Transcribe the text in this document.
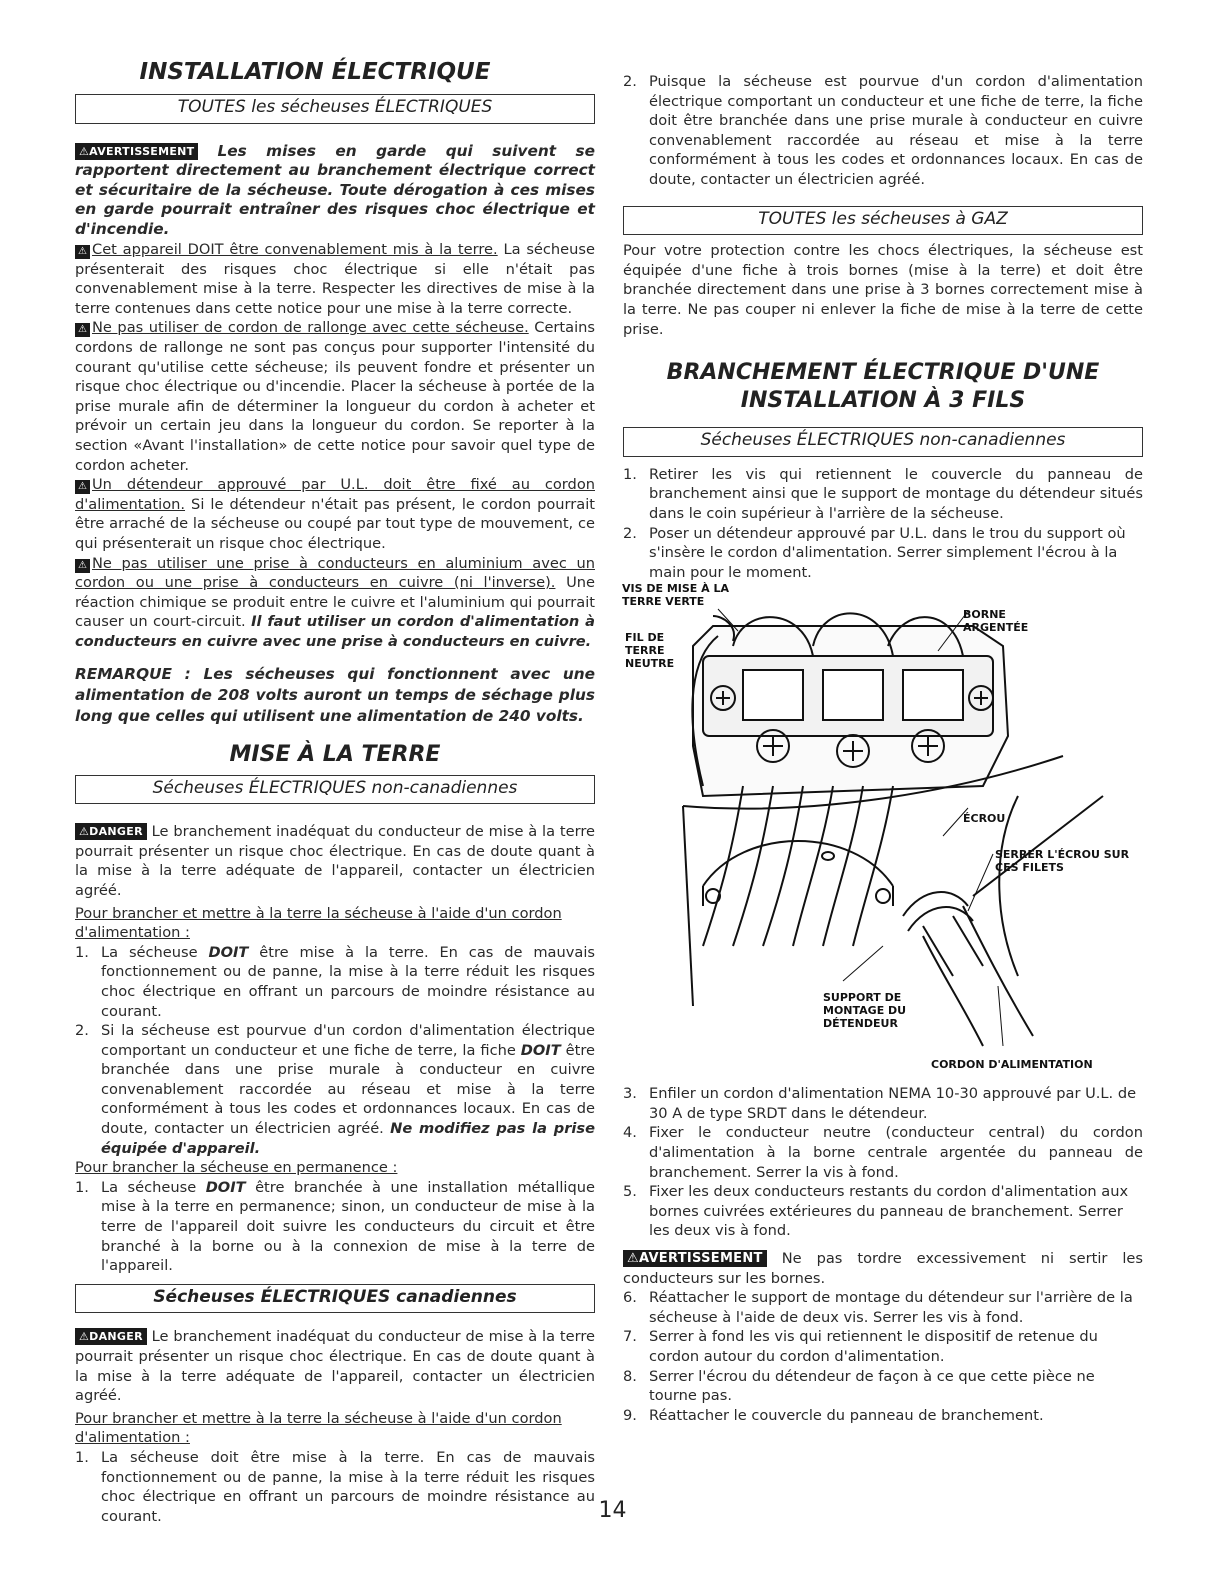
INSTALLATION ÉLECTRIQUE

TOUTES les sécheuses ÉLECTRIQUES

⚠AVERTISSEMENT Les mises en garde qui suivent se rapportent directement au branchement électrique correct et sécuritaire de la sécheuse. Toute dérogation à ces mises en garde pourrait entraîner des risques choc électrique et d'incendie.

⚠ Cet appareil DOIT être convenablement mis à la terre. La sécheuse présenterait des risques choc électrique si elle n'était pas convenablement mise à la terre. Respecter les directives de mise à la terre contenues dans cette notice pour une mise à la terre correcte.

⚠ Ne pas utiliser de cordon de rallonge avec cette sécheuse. Certains cordons de rallonge ne sont pas conçus pour supporter l'intensité du courant qu'utilise cette sécheuse; ils peuvent fondre et présenter un risque choc électrique ou d'incendie. Placer la sécheuse à portée de la prise murale afin de déterminer la longueur du cordon à acheter et prévoir un certain jeu dans la longueur du cordon. Se reporter à la section «Avant l'installation» de cette notice pour savoir quel type de cordon acheter.

⚠ Un détendeur approuvé par U.L. doit être fixé au cordon d'alimentation. Si le détendeur n'était pas présent, le cordon pourrait être arraché de la sécheuse ou coupé par tout type de mouvement, ce qui présenterait un risque choc électrique.

⚠ Ne pas utiliser une prise à conducteurs en aluminium avec un cordon ou une prise à conducteurs en cuivre (ni l'inverse). Une réaction chimique se produit entre le cuivre et l'aluminium qui pourrait causer un court-circuit. Il faut utiliser un cordon d'alimentation à conducteurs en cuivre avec une prise à conducteurs en cuivre.

REMARQUE : Les sécheuses qui fonctionnent avec une alimentation de 208 volts auront un temps de séchage plus long que celles qui utilisent une alimentation de 240 volts.

MISE À LA TERRE

Sécheuses ÉLECTRIQUES non-canadiennes

⚠DANGER Le branchement inadéquat du conducteur de mise à la terre pourrait présenter un risque choc électrique. En cas de doute quant à la mise à la terre adéquate de l'appareil, contacter un électricien agréé.

Pour brancher et mettre à la terre la sécheuse à l'aide d'un cordon d'alimentation :

1. La sécheuse DOIT être mise à la terre. En cas de mauvais fonctionnement ou de panne, la mise à la terre réduit les risques choc électrique en offrant un parcours de moindre résistance au courant.
2. Si la sécheuse est pourvue d'un cordon d'alimentation électrique comportant un conducteur et une fiche de terre, la fiche DOIT être branchée dans une prise murale à conducteur en cuivre convenablement raccordée au réseau et mise à la terre conformément à tous les codes et ordonnances locaux. En cas de doute, contacter un électricien agréé. Ne modifiez pas la prise équipée d'appareil.

Pour brancher la sécheuse en permanence :

1. La sécheuse DOIT être branchée à une installation métallique mise à la terre en permanence; sinon, un conducteur de mise à la terre de l'appareil doit suivre les conducteurs du circuit et être branché à la borne ou à la connexion de mise à la terre de l'appareil.

Sécheuses ÉLECTRIQUES canadiennes

⚠DANGER Le branchement inadéquat du conducteur de mise à la terre pourrait présenter un risque choc électrique. En cas de doute quant à la mise à la terre adéquate de l'appareil, contacter un électricien agréé.

Pour brancher et mettre à la terre la sécheuse à l'aide d'un cordon d'alimentation :

1. La sécheuse doit être mise à la terre. En cas de mauvais fonctionnement ou de panne, la mise à la terre réduit les risques choc électrique en offrant un parcours de moindre résistance au courant.
2. Puisque la sécheuse est pourvue d'un cordon d'alimentation électrique comportant un conducteur et une fiche de terre, la fiche doit être branchée dans une prise murale à conducteur en cuivre convenablement raccordée au réseau et mise à la terre conformément à tous les codes et ordonnances locaux. En cas de doute, contacter un électricien agréé.

TOUTES les sécheuses à GAZ

Pour votre protection contre les chocs électriques, la sécheuse est équipée d'une fiche à trois bornes (mise à la terre) et doit être branchée directement dans une prise à 3 bornes correctement mise à la terre. Ne pas couper ni enlever la fiche de mise à la terre de cette prise.

BRANCHEMENT ÉLECTRIQUE D'UNE

INSTALLATION À 3 FILS

Sécheuses ÉLECTRIQUES non-canadiennes

1. Retirer les vis qui retiennent le couvercle du panneau de branchement ainsi que le support de montage du détendeur situés dans le coin supérieur à l'arrière de la sécheuse.
2. Poser un détendeur approuvé par U.L. dans le trou du support où s'insère le cordon d'alimentation. Serrer simplement l'écrou à la main pour le moment.
VIS DE MISE À LA
TERRE VERTE
FIL DE
TERRE
NEUTRE
BORNE
ARGENTÉE
ÉCROU
SERRER L'ÉCROU SUR
CES FILETS
SUPPORT DE
MONTAGE DU
DÉTENDEUR
CORDON D'ALIMENTATION
3. Enfiler un cordon d'alimentation NEMA 10-30 approuvé par U.L. de 30 A de type SRDT dans le détendeur.
4. Fixer le conducteur neutre (conducteur central) du cordon d'alimentation à la borne centrale argentée du panneau de branchement. Serrer la vis à fond.
5. Fixer les deux conducteurs restants du cordon d'alimentation aux bornes cuivrées extérieures du panneau de branchement. Serrer les deux vis à fond.

⚠AVERTISSEMENT Ne pas tordre excessivement ni sertir les conducteurs sur les bornes.

6. Réattacher le support de montage du détendeur sur l'arrière de la sécheuse à l'aide de deux vis. Serrer les vis à fond.
7. Serrer à fond les vis qui retiennent le dispositif de retenue du cordon autour du cordon d'alimentation.
8. Serrer l'écrou du détendeur de façon à ce que cette pièce ne tourne pas.
9. Réattacher le couvercle du panneau de branchement.
14
